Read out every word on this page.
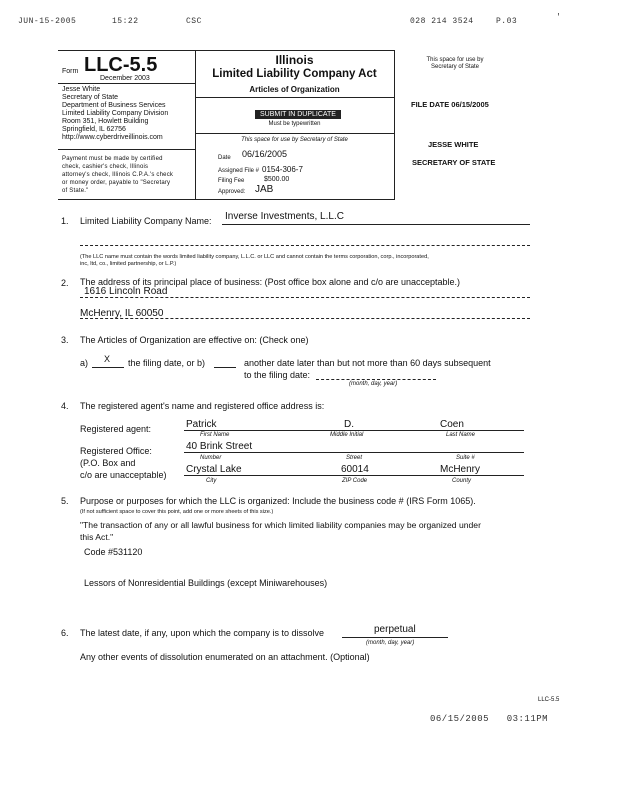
JUN-15-2005	15:22	CSC	028 214 3524	P.03	'
Form LLC-5.5
December 2003
Jesse White
Secretary of State
Department of Business Services
Limited Liability Company Division
Room 351, Howlett Building
Springfield, IL 62756
http://www.cyberdriveillinois.com
Payment must be made by certified
check, cashier's check, Illinois
attorney's check, Illinois C.P.A.'s check
or money order, payable to "Secretary
of State."
Illinois
Limited Liability Company Act
Articles of Organization
SUBMIT IN DUPLICATE
Must be typewritten
This space for use by Secretary of State
Date 06/16/2005
Assigned File # 0154-306-7
Filing Fee	$500.00
Approved: JAB
This space for use by
Secretary of State
FILE DATE 06/15/2005
JESSE WHITE
SECRETARY OF STATE
1. Limited Liability Company Name: Inverse Investments, L.L.C
(The LLC name must contain the words limited liability company, L.L.C. or LLC and cannot contain the terms corporation, corp., incorporated,
inc, ltd, co., limited partnership, or L.P.)
2. The address of its principal place of business: (Post office box alone and c/o are unacceptable.)
1616 Lincoln Road
McHenry, IL 60050
3. The Articles of Organization are effective on: (Check one)
a) X the filing date, or b)	another date later than but not more than 60 days subsequent
to the filing date:
(month, day, year)
4. The registered agent's name and registered office address is:
Registered agent:	Patrick	D.	Coen
First Name	Middle Initial	Last Name
Registered Office:	40 Brink Street
Number	Street	Suite #
(P.O. Box and
c/o are unacceptable) Crystal Lake	60014	McHenry
City	ZIP Code	County
5. Purpose or purposes for which the LLC is organized: Include the business code # (IRS Form 1065).
(If not sufficient space to cover this point, add one or more sheets of this size.)
"The transaction of any or all lawful business for which limited liability companies may be organized under
this Act."
Code #531120
Lessors of Nonresidential Buildings (except Miniwarehouses)
6. The latest date, if any, upon which the company is to dissolve	perpetual
(month, day, year)
Any other events of dissolution enumerated on an attachment. (Optional)
LLC-5.5
06/15/2005   03:11PM
